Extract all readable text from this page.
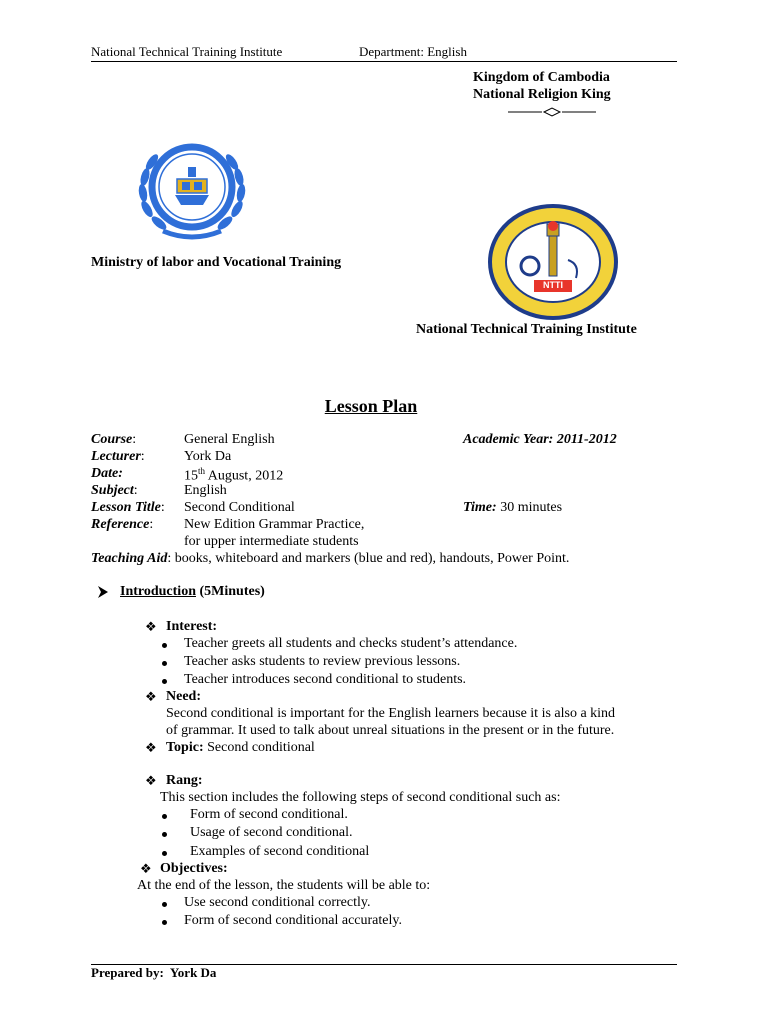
National Technical Training Institute	Department: English
Kingdom of Cambodia
National Religion King
NTTI
Ministry of labor and Vocational Training
National Technical Training Institute
Lesson Plan
Course:	General English	Academic Year: 2011-2012
Lecturer:	York Da
Date:	15th August, 2012
Subject:	English
Lesson Title: Second Conditional	Time: 30 minutes
Reference: New Edition Grammar Practice,
for upper intermediate students
Teaching Aid: books, whiteboard and markers (blue and red), handouts, Power Point.
Introduction (5Minutes)
❖ Interest:
Teacher greets all students and checks student’s attendance.
Teacher asks students to review previous lessons.
Teacher introduces second conditional to students.
❖ Need:
Second conditional is important for the English learners because it is also a kind
of grammar. It used to talk about unreal situations in the present or in the future.
❖ Topic: Second conditional
❖ Rang:
This section includes the following steps of second conditional such as:
Form of second conditional.
Usage of second conditional.
Examples of second conditional
❖ Objectives:
At the end of the lesson, the students will be able to:
Use second conditional correctly.
Form of second conditional accurately.
Prepared by:  York Da
